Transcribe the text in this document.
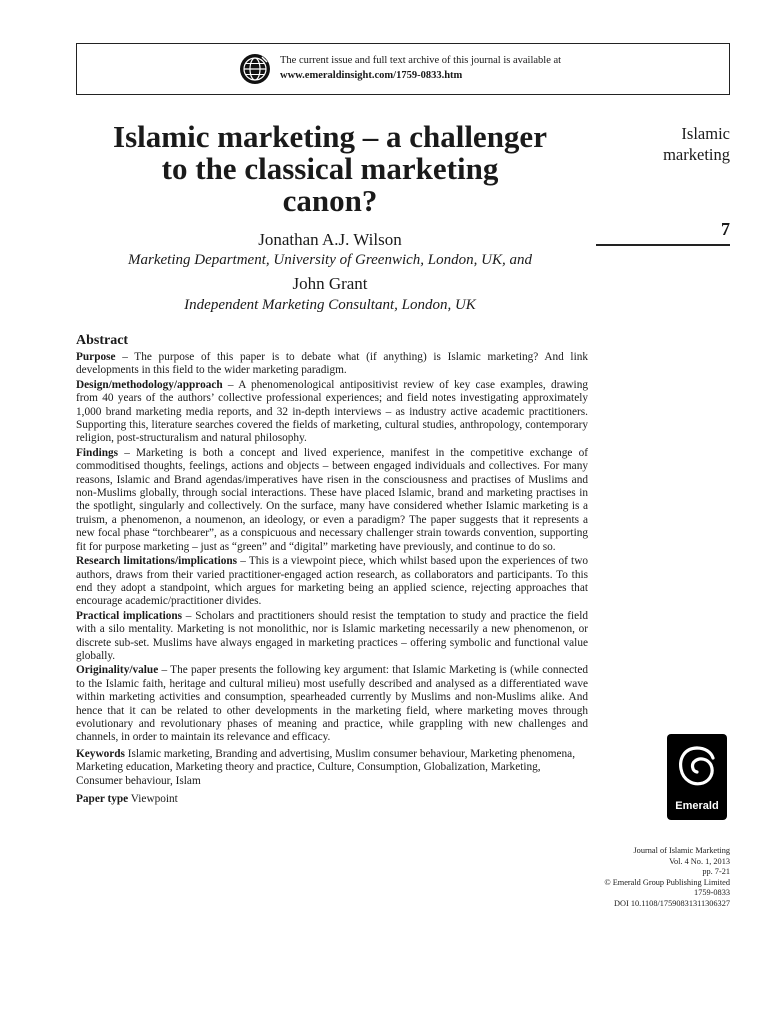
The current issue and full text archive of this journal is available at
www.emeraldinsight.com/1759-0833.htm
Islamic
marketing
7
Islamic marketing – a challenger
to the classical marketing
canon?
Jonathan A.J. Wilson
Marketing Department, University of Greenwich, London, UK, and
John Grant
Independent Marketing Consultant, London, UK
Abstract

Purpose – The purpose of this paper is to debate what (if anything) is Islamic marketing? And link developments in this field to the wider marketing paradigm.

Design/methodology/approach – A phenomenological antipositivist review of key case examples, drawing from 40 years of the authors’ collective professional experiences; and field notes investigating approximately 1,000 brand marketing media reports, and 32 in-depth interviews – as industry active academic practitioners. Supporting this, literature searches covered the fields of marketing, cultural studies, anthropology, contemporary religion, post-structuralism and natural philosophy.

Findings – Marketing is both a concept and lived experience, manifest in the competitive exchange of commoditised thoughts, feelings, actions and objects – between engaged individuals and collectives. For many reasons, Islamic and Brand agendas/imperatives have risen in the consciousness and practises of Muslims and non-Muslims globally, through social interactions. These have placed Islamic, brand and marketing practises in the spotlight, singularly and collectively. On the surface, many have considered whether Islamic marketing is a truism, a phenomenon, a noumenon, an ideology, or even a paradigm? The paper suggests that it represents a new focal phase “torchbearer”, as a conspicuous and necessary challenger strain towards convention, supporting fit for purpose marketing – just as “green” and “digital” marketing have previously, and continue to do so.

Research limitations/implications – This is a viewpoint piece, which whilst based upon the experiences of two authors, draws from their varied practitioner-engaged action research, as collaborators and participants. To this end they adopt a standpoint, which argues for marketing being an applied science, rejecting approaches that encourage academic/practitioner divides.

Practical implications – Scholars and practitioners should resist the temptation to study and practice the field with a silo mentality. Marketing is not monolithic, nor is Islamic marketing necessarily a new phenomenon, or discrete sub-set. Muslims have always engaged in marketing practices – offering symbolic and functional value globally.

Originality/value – The paper presents the following key argument: that Islamic Marketing is (while connected to the Islamic faith, heritage and cultural milieu) most usefully described and analysed as a differentiated wave within marketing activities and consumption, spearheaded currently by Muslims and non-Muslims alike. And hence that it can be related to other developments in the marketing field, where marketing moves through evolutionary and revolutionary phases of meaning and practice, while grappling with new challenges and channels, in order to maintain its relevance and efficacy.

Keywords Islamic marketing, Branding and advertising, Muslim consumer behaviour, Marketing phenomena, Marketing education, Marketing theory and practice, Culture, Consumption, Globalization, Marketing, Consumer behaviour, Islam

Paper type Viewpoint

Emerald
Journal of Islamic Marketing
Vol. 4 No. 1, 2013
pp. 7-21
© Emerald Group Publishing Limited
1759-0833
DOI 10.1108/17590831311306327
